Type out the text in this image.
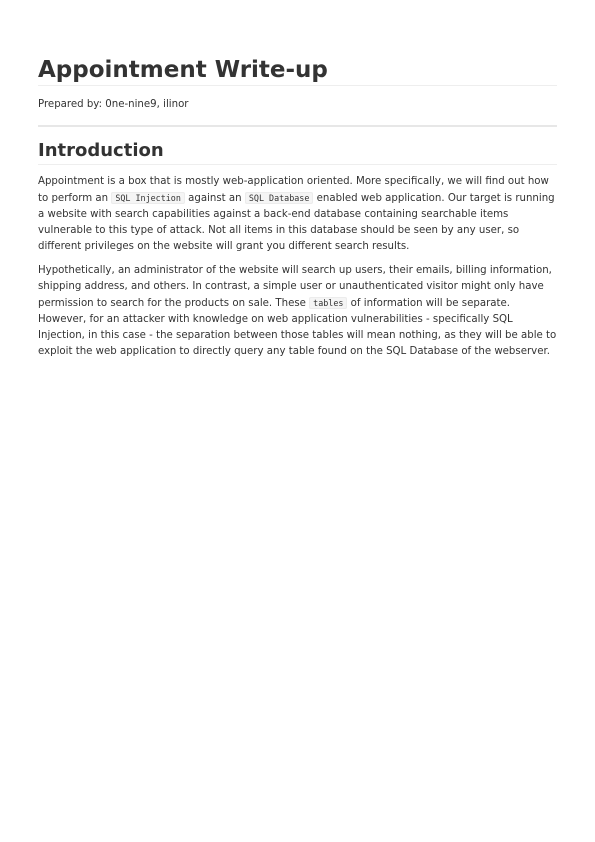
Appointment Write-up

Prepared by: 0ne-nine9, ilinor

Introduction

Appointment is a box that is mostly web-application oriented. More specifically, we will find out how to perform an SQL Injection against an SQL Database enabled web application. Our target is running a website with search capabilities against a back-end database containing searchable items vulnerable to this type of attack. Not all items in this database should be seen by any user, so different privileges on the website will grant you different search results.

Hypothetically, an administrator of the website will search up users, their emails, billing information, shipping address, and others. In contrast, a simple user or unauthenticated visitor might only have permission to search for the products on sale. These tables of information will be separate. However, for an attacker with knowledge on web application vulnerabilities - specifically SQL Injection, in this case - the separation between those tables will mean nothing, as they will be able to exploit the web application to directly query any table found on the SQL Database of the webserver.
